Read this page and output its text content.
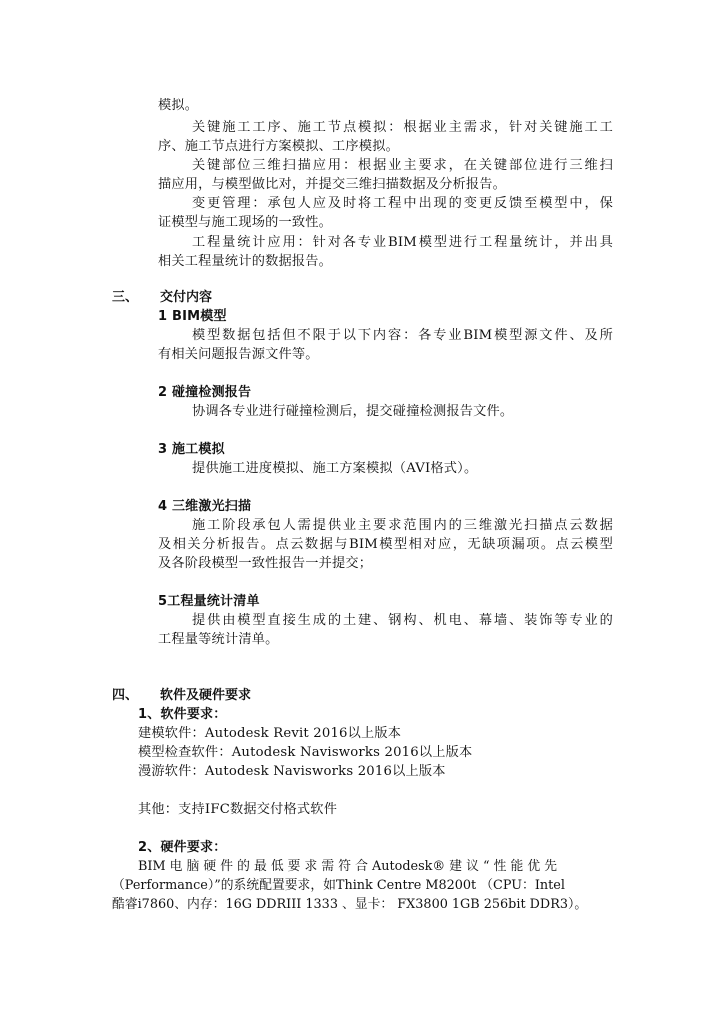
模拟。
关键施工工序、施工节点模拟：根据业主需求，针对关键施工工
序、施工节点进行方案模拟、工序模拟。
关键部位三维扫描应用：根据业主要求，在关键部位进行三维扫
描应用，与模型做比对，并提交三维扫描数据及分析报告。
变更管理：承包人应及时将工程中出现的变更反馈至模型中，保
证模型与施工现场的一致性。
工程量统计应用：针对各专业BIM模型进行工程量统计，并出具
相关工程量统计的数据报告。
三、 交付内容
1 BIM模型
模型数据包括但不限于以下内容：各专业BIM模型源文件、及所
有相关问题报告源文件等。
2 碰撞检测报告
协调各专业进行碰撞检测后，提交碰撞检测报告文件。
3 施工模拟
提供施工进度模拟、施工方案模拟（AVI格式）。
4 三维激光扫描
施工阶段承包人需提供业主要求范围内的三维激光扫描点云数据
及相关分析报告。点云数据与BIM模型相对应，无缺项漏项。点云模型
及各阶段模型一致性报告一并提交；
5工程量统计清单
提供由模型直接生成的土建、钢构、机电、幕墙、装饰等专业的
工程量等统计清单。
四、 软件及硬件要求
1、软件要求：
建模软件：Autodesk Revit 2016以上版本
模型检查软件：Autodesk Navisworks 2016以上版本
漫游软件：Autodesk Navisworks 2016以上版本
其他：支持IFC数据交付格式软件
2、硬件要求：
BIM 电 脑 硬 件 的 最 低 要 求 需 符 合 Autodesk® 建 议 “ 性 能 优 先
（Performance）”的系统配置要求，如Think Centre M8200t （CPU：Intel
酷睿i7860、内存：16G DDRIII 1333 、显卡： FX3800 1GB 256bit DDR3）。
